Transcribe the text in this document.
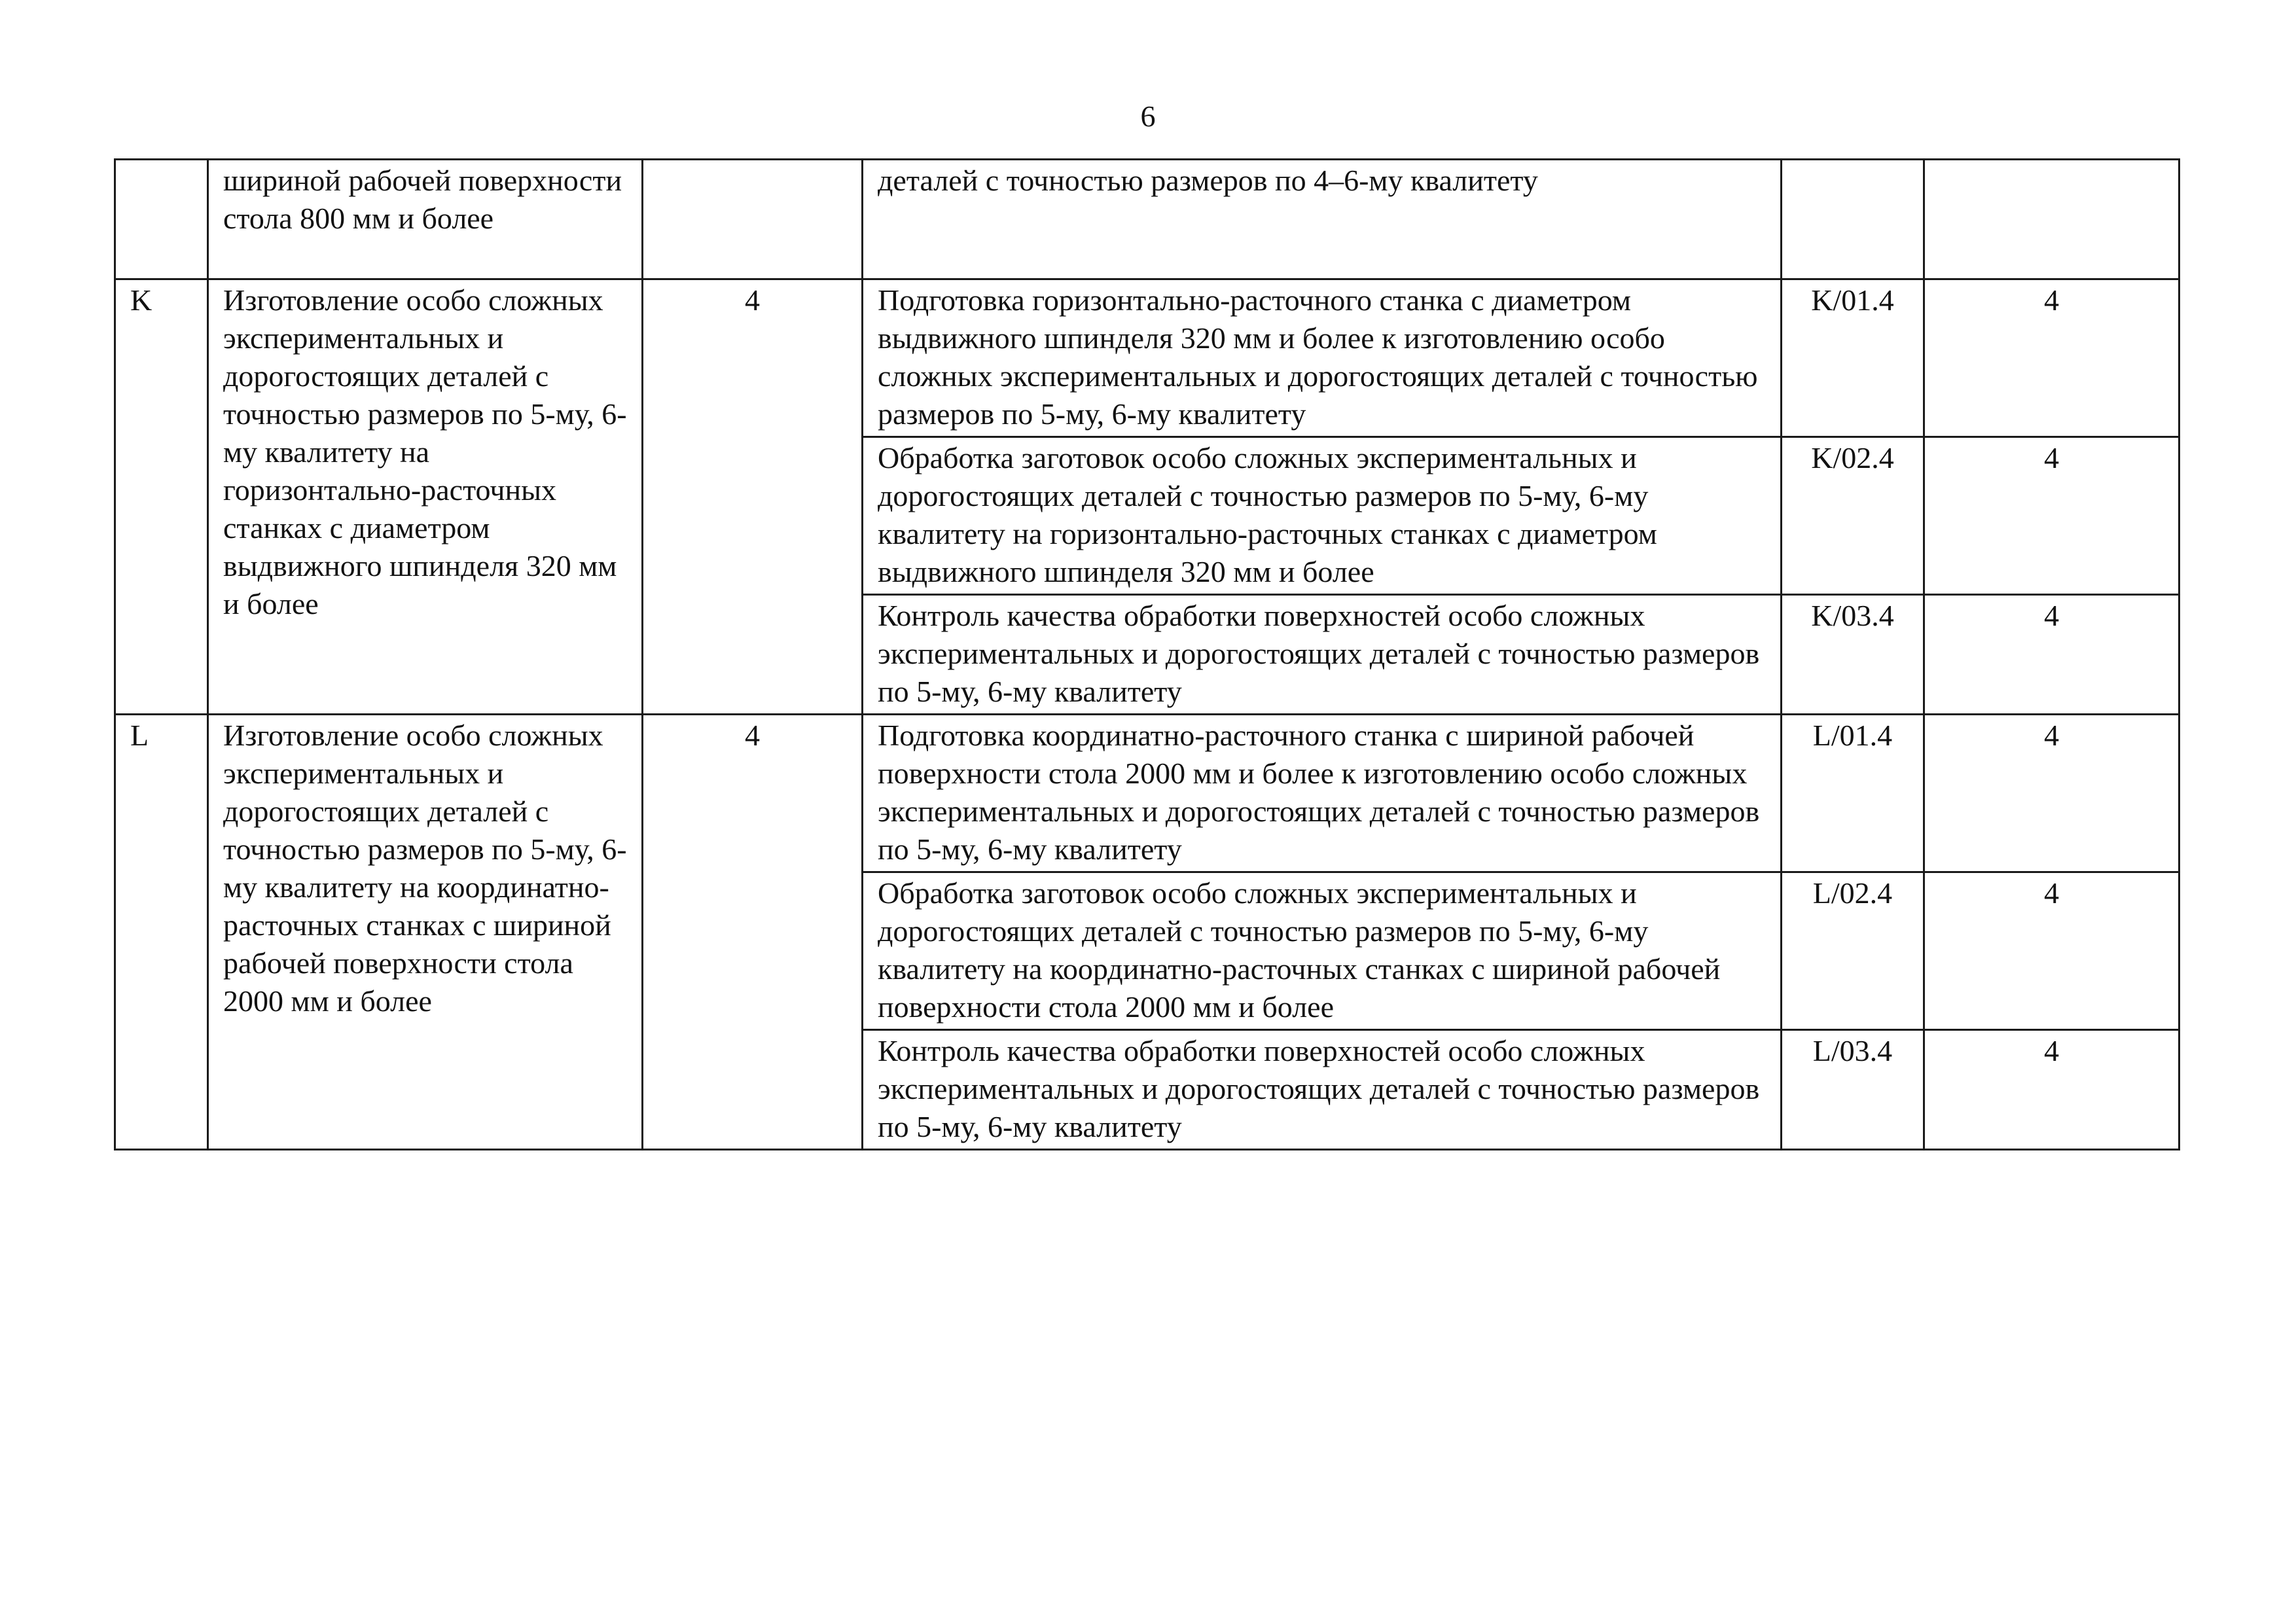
6
	шириной рабочей поверхности стола 800 мм и более		деталей с точностью размеров по 4–6-му квалитету		
K	Изготовление особо сложных экспериментальных и дорогостоящих деталей с точностью размеров по 5-му, 6-му квалитету на горизонтально-расточных станках с диаметром выдвижного шпинделя 320 мм и более	4	Подготовка горизонтально-расточного станка с диаметром выдвижного шпинделя 320 мм и более к изготовлению особо сложных экспериментальных и дорогостоящих деталей с точностью размеров по 5-му, 6-му квалитету	K/01.4	4
			Обработка заготовок особо сложных экспериментальных и дорогостоящих деталей с точностью размеров по 5-му, 6-му квалитету на горизонтально-расточных станках с диаметром выдвижного шпинделя 320 мм и более	K/02.4	4
			Контроль качества обработки поверхностей особо сложных экспериментальных и дорогостоящих деталей с точностью размеров по 5-му, 6-му квалитету	K/03.4	4
L	Изготовление особо сложных экспериментальных и дорогостоящих деталей с точностью размеров по 5-му, 6-му квалитету на координатно-расточных станках с шириной рабочей поверхности стола 2000 мм и более	4	Подготовка координатно-расточного станка с шириной рабочей поверхности стола 2000 мм и более к изготовлению особо сложных экспериментальных и дорогостоящих деталей с точностью размеров по 5-му, 6-му квалитету	L/01.4	4
			Обработка заготовок особо сложных экспериментальных и дорогостоящих деталей с точностью размеров по 5-му, 6-му квалитету на координатно-расточных станках с шириной рабочей поверхности стола 2000 мм и более	L/02.4	4
			Контроль качества обработки поверхностей особо сложных экспериментальных и дорогостоящих деталей с точностью размеров по 5-му, 6-му квалитету	L/03.4	4
